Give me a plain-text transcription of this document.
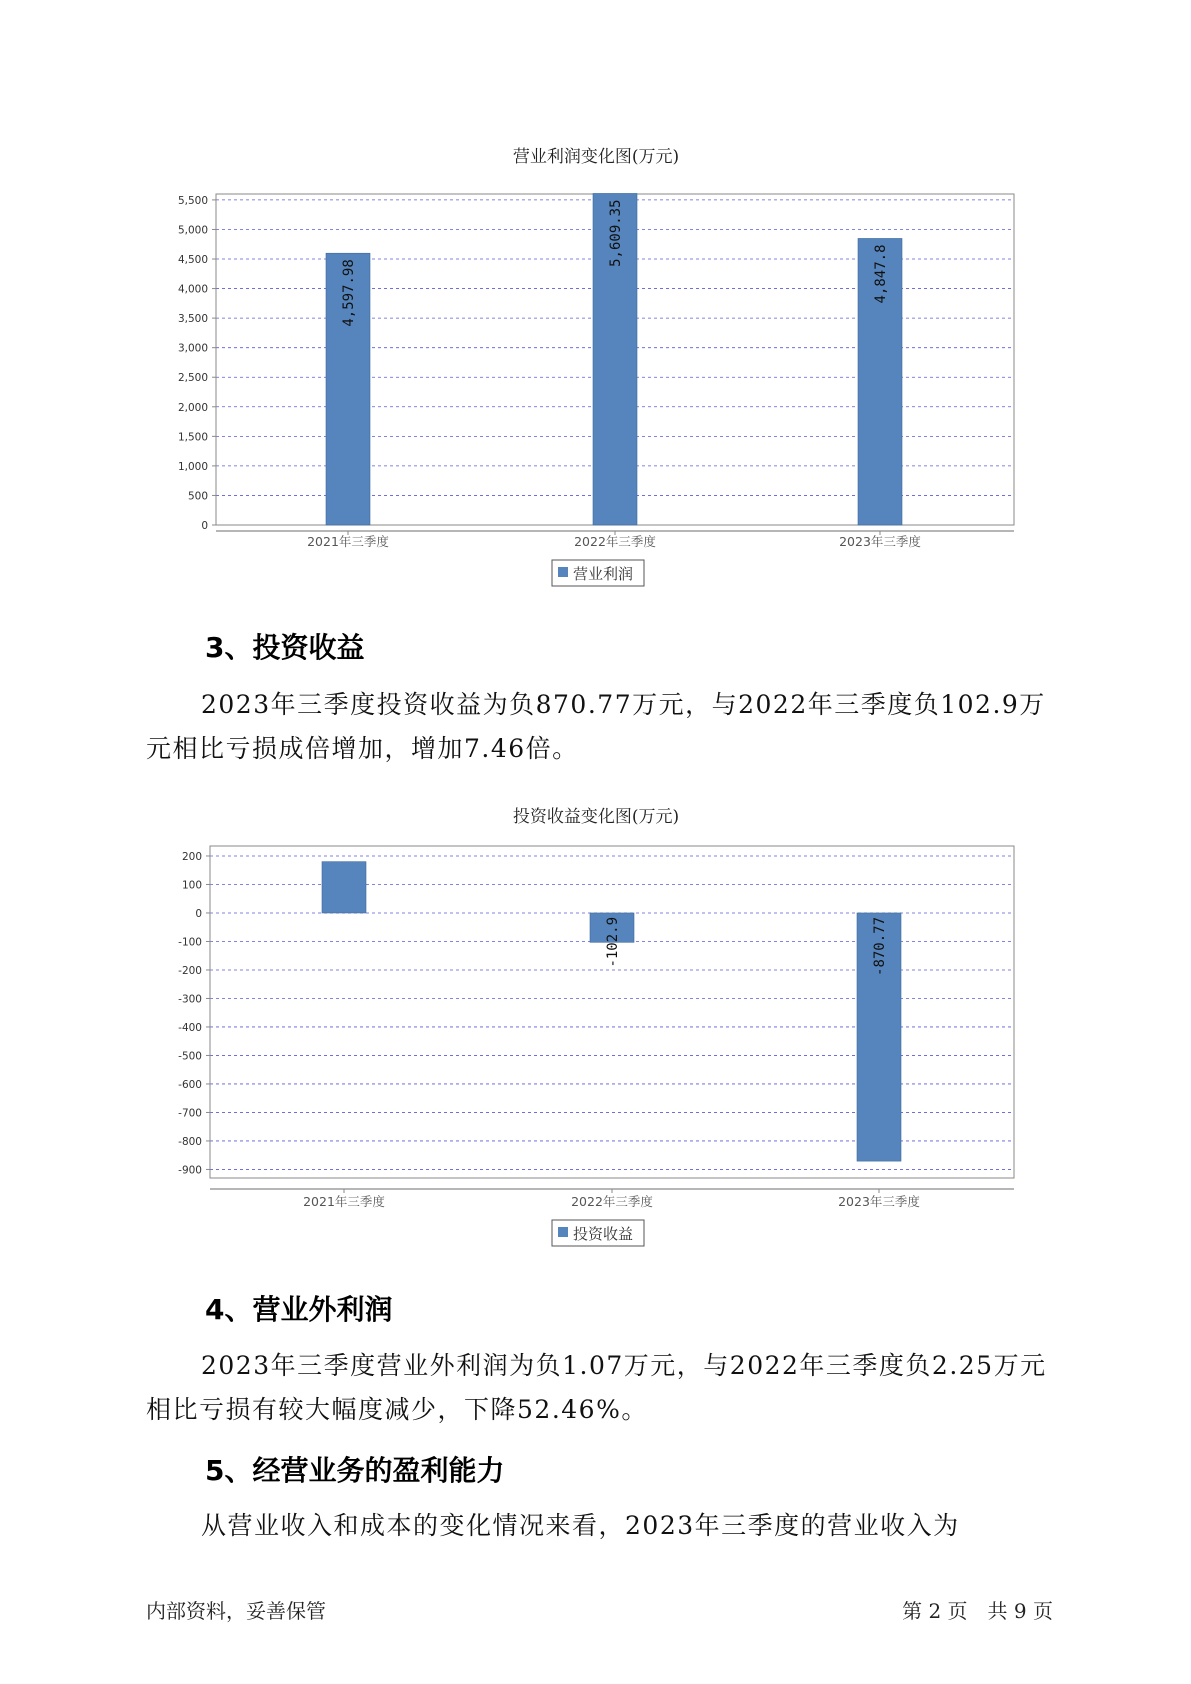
营业利润变化图(万元)
0
500
1,000
1,500
2,000
2,500
3,000
3,500
4,000
4,500
5,000
5,500
4,597.98
5,609.35
4,847.8
2021年三季度	2022年三季度	2023年三季度
营业利润
3、投资收益

2023年三季度投资收益为负870.77万元，与2022年三季度负102.9万元相比亏损成倍增加，增加7.46倍。

投资收益变化图(万元)
200
100
0
-100
-200
-300
-400
-500
-600
-700
-800
-900
-102.9	-870.77
2021年三季度	2022年三季度	2023年三季度
投资收益
4、营业外利润

2023年三季度营业外利润为负1.07万元，与2022年三季度负2.25万元相比亏损有较大幅度减少，下降52.46%。

5、经营业务的盈利能力

从营业收入和成本的变化情况来看，2023年三季度的营业收入为

内部资料，妥善保管	第 2 页　共 9 页
